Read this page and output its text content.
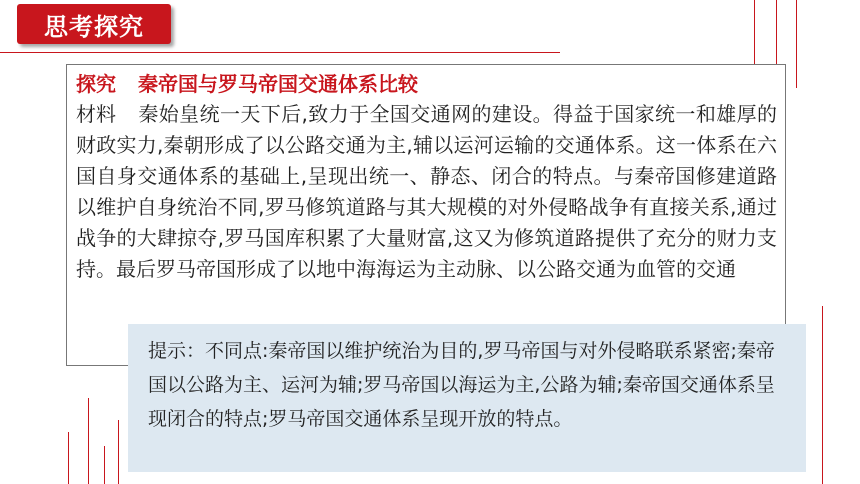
思考探究
探究 秦帝国与罗马帝国交通体系比较
材料 秦始皇统一天下后,致力于全国交通网的建设。得益于国家统一和雄厚的财政实力,秦朝形成了以公路交通为主,辅以运河运输的交通体系。这一体系在六国自身交通体系的基础上,呈现出统一、静态、闭合的特点。与秦帝国修建道路以维护自身统治不同,罗马修筑道路与其大规模的对外侵略战争有直接关系,通过战争的大肆掠夺,罗马国库积累了大量财富,这又为修筑道路提供了充分的财力支持。最后罗马帝国形成了以地中海海运为主动脉、以公路交通为血管的交通
提示：不同点:秦帝国以维护统治为目的,罗马帝国与对外侵略联系紧密;秦帝国以公路为主、运河为辅;罗马帝国以海运为主,公路为辅;秦帝国交通体系呈现闭合的特点;罗马帝国交通体系呈现开放的特点。
